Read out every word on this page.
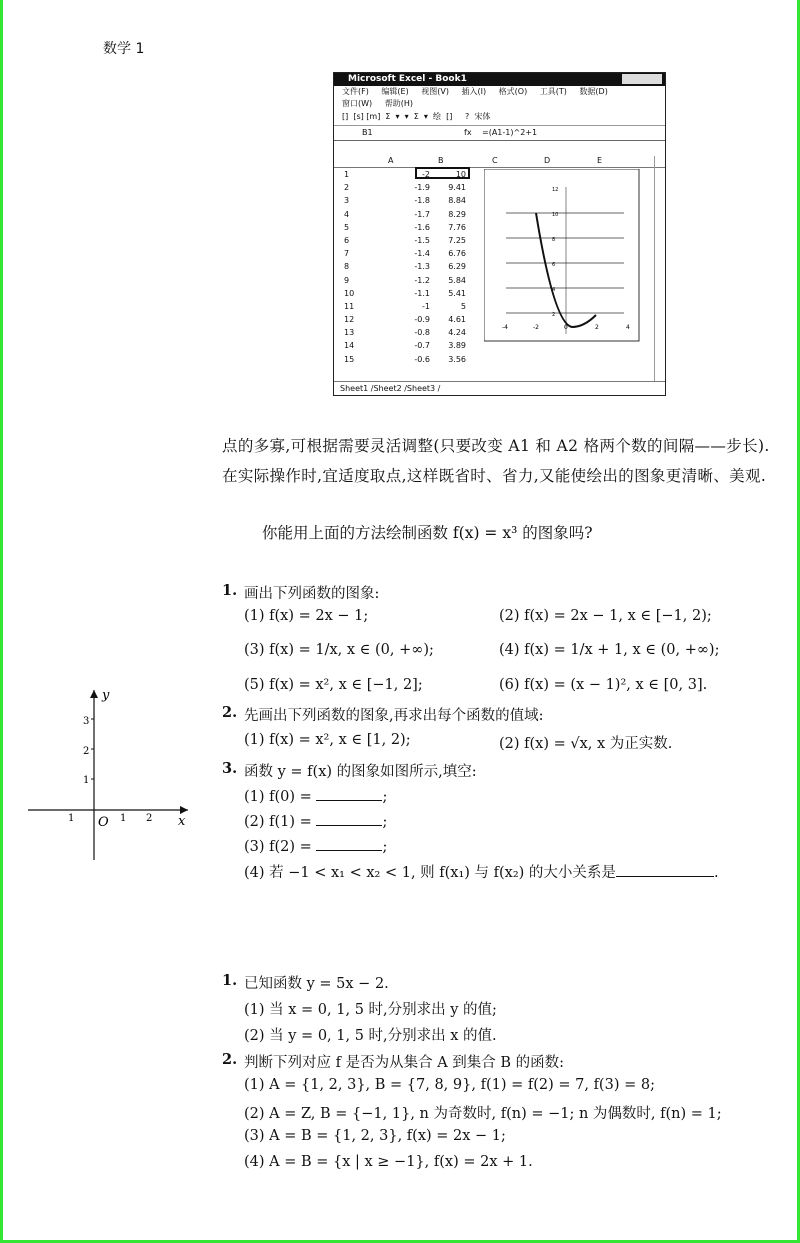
数学 1
Microsoft Excel - Book1
文件(F) 编辑(E) 视图(V) 插入(I) 格式(O) 工具(T) 数据(D)
窗口(W) 帮助(H)
[]  [s] [m]  Σ  ▾  ▾  Σ  ▾  绘  []     ?  宋体
B1	fx =(A1-1)^2+1
A	B	C	D	E
1	-2	10
2	-1.9	9.41
3	-1.8	8.84
4	-1.7	8.29
5	-1.6	7.76
6	-1.5	7.25
7	-1.4	6.76
8	-1.3	6.29
9	-1.2	5.84
10	-1.1	5.41
11	-1	5
12	-0.9	4.61
13	-0.8	4.24
14	-0.7	3.89
15	-0.6	3.56
-4	-2	0	2	4
12
10
8
6
4
2
Sheet1 /Sheet2 /Sheet3 /
点的多寡,可根据需要灵活调整(只要改变 A1 和 A2 格两个数的间隔——步长).在实际操作时,宜适度取点,这样既省时、省力,又能使绘出的图象更清晰、美观.
你能用上面的方法绘制函数 f(x) = x³ 的图象吗?
1. 画出下列函数的图象:
(1) f(x) = 2x − 1;	(2) f(x) = 2x − 1, x ∈ [−1, 2);
(3) f(x) = 1/x, x ∈ (0, +∞);	(4) f(x) = 1/x + 1, x ∈ (0, +∞);
(5) f(x) = x², x ∈ [−1, 2];	(6) f(x) = (x − 1)², x ∈ [0, 3].
2. 先画出下列函数的图象,再求出每个函数的值域:
(1) f(x) = x², x ∈ [1, 2);	(2) f(x) = √x, x 为正实数.
3. 函数 y = f(x) 的图象如图所示,填空:
(1) f(0) =	;
(2) f(1) =	;
(3) f(2) =	;
(4) 若 −1 < x₁ < x₂ < 1, 则 f(x₁) 与 f(x₂) 的大小关系是	.
y
x
O
3
2
1
1	1 2
1. 已知函数 y = 5x − 2.
(1) 当 x = 0, 1, 5 时,分别求出 y 的值;
(2) 当 y = 0, 1, 5 时,分别求出 x 的值.
2. 判断下列对应 f 是否为从集合 A 到集合 B 的函数:
(1) A = {1, 2, 3}, B = {7, 8, 9}, f(1) = f(2) = 7, f(3) = 8;
(2) A = Z, B = {−1, 1}, n 为奇数时, f(n) = −1; n 为偶数时, f(n) = 1;
(3) A = B = {1, 2, 3}, f(x) = 2x − 1;
(4) A = B = {x | x ≥ −1}, f(x) = 2x + 1.
